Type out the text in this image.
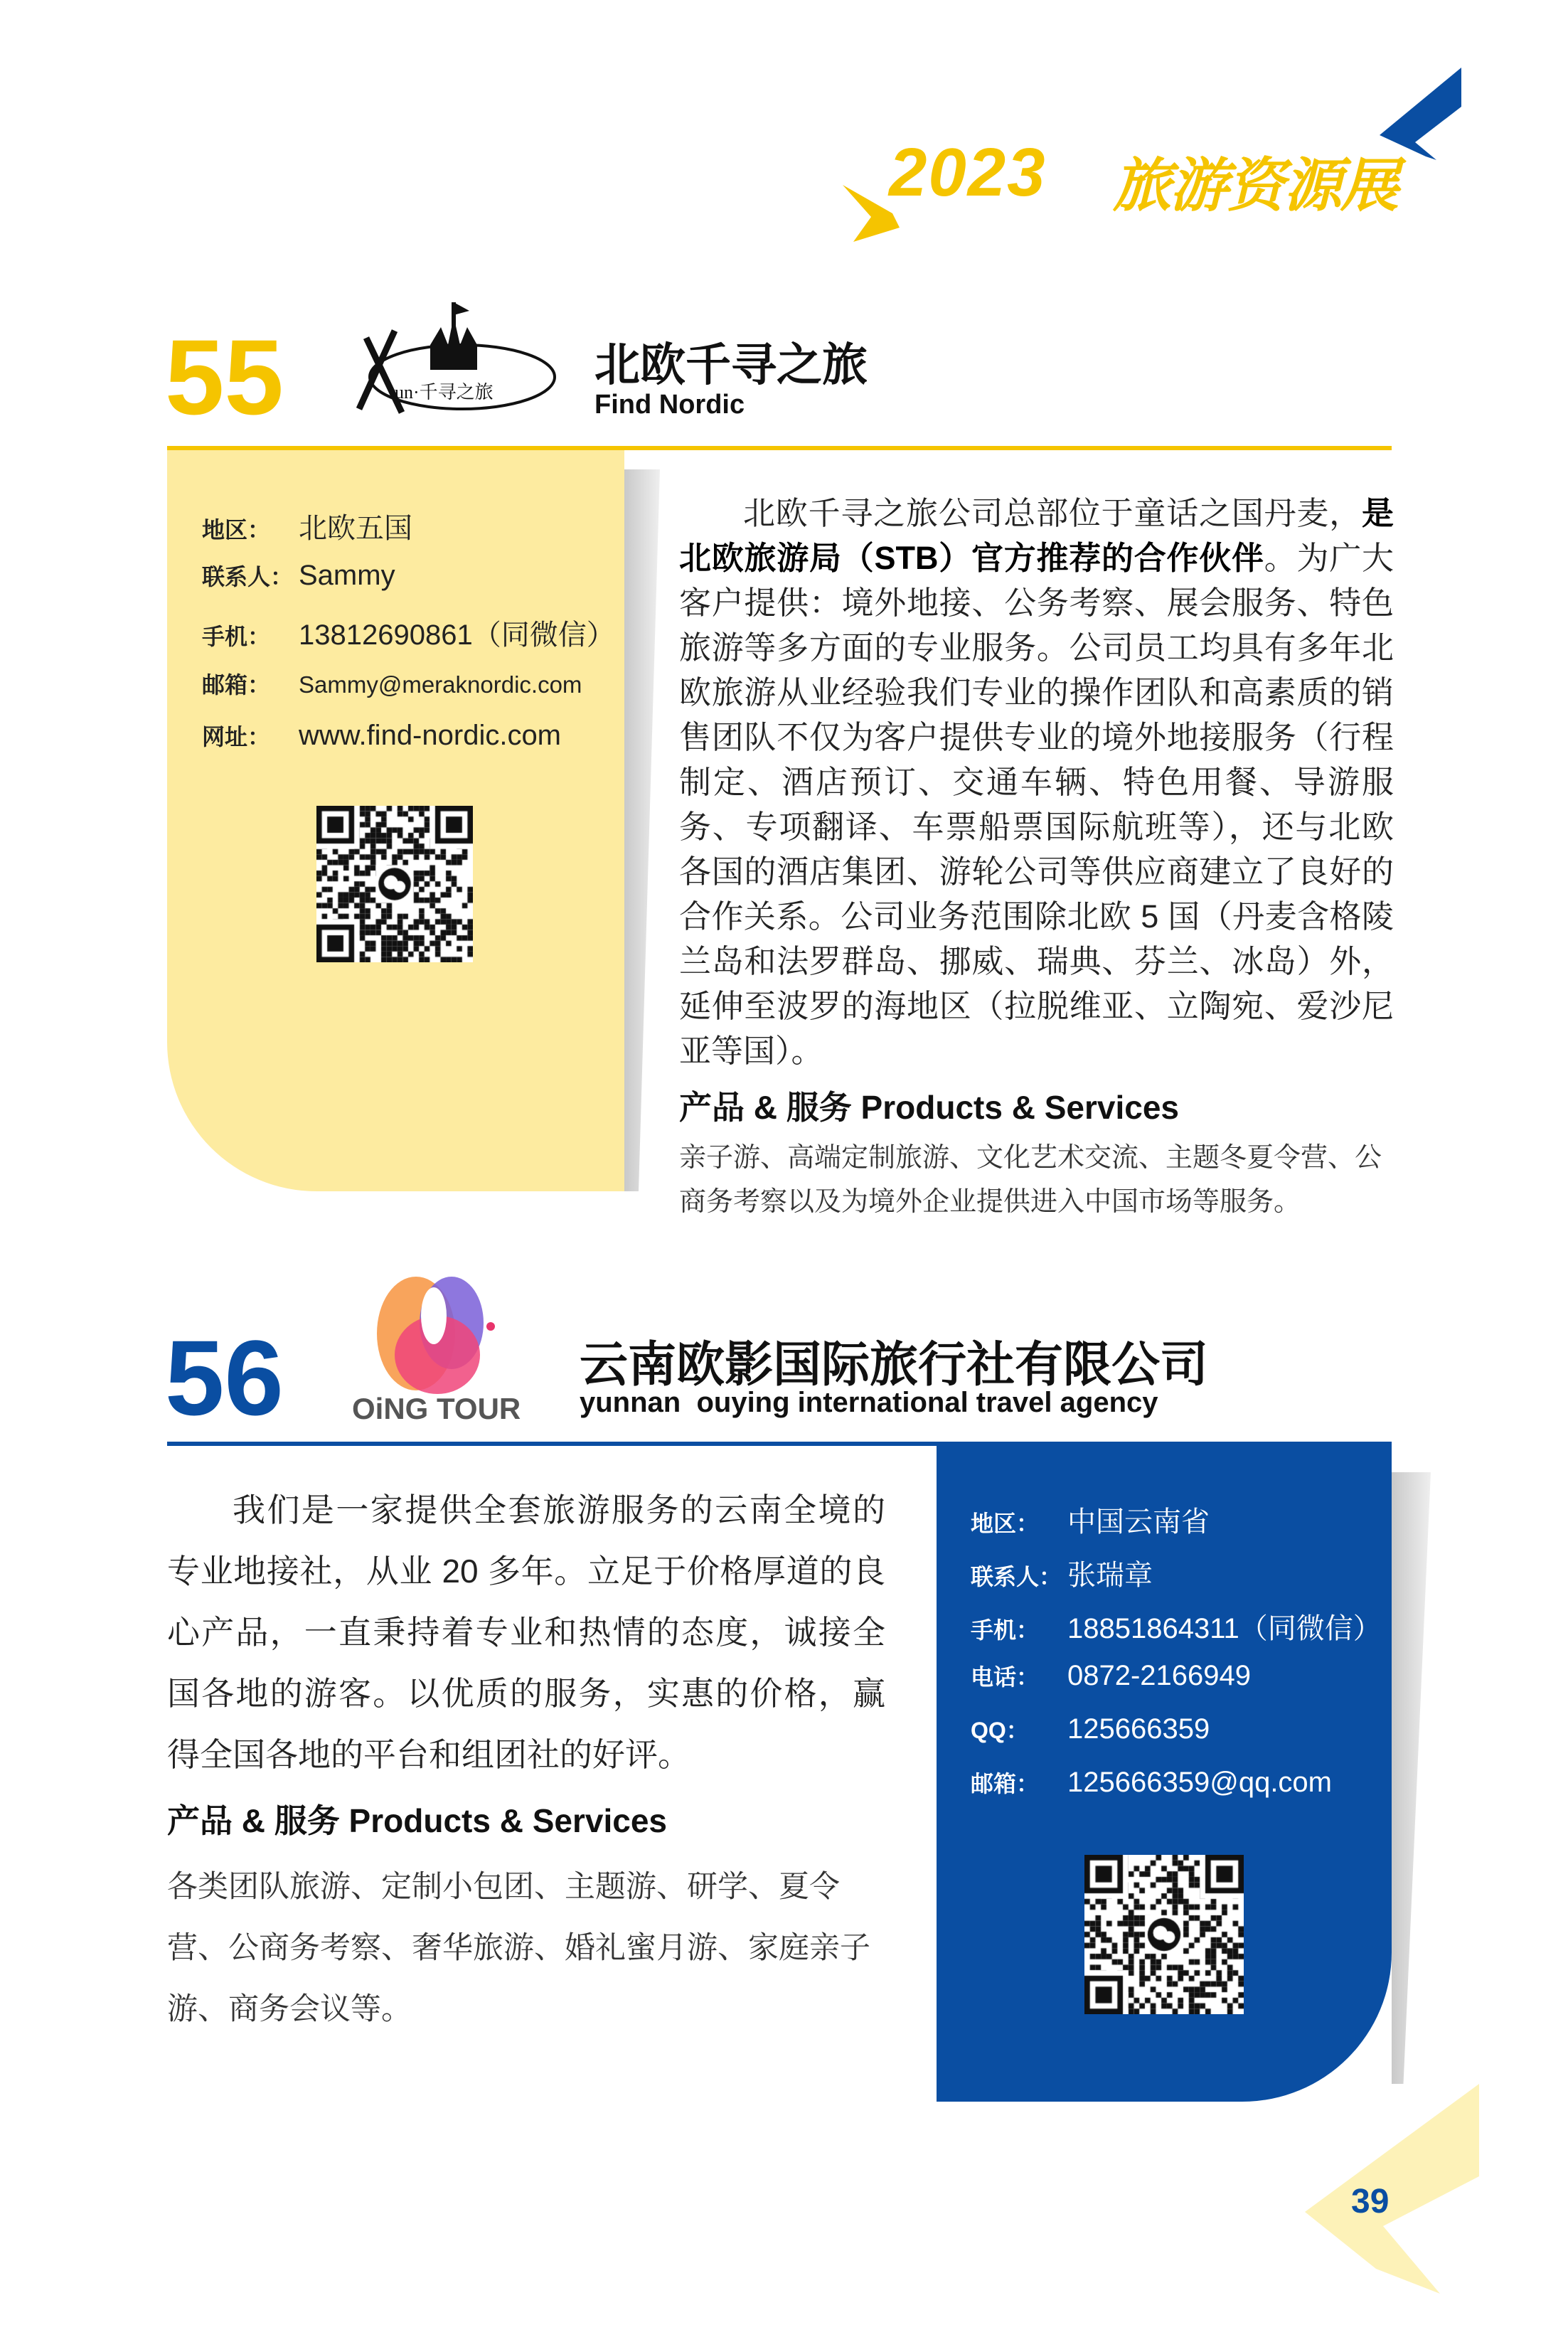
2023 旅游资源展
55	un·千寻之旅
北欧千寻之旅
Find Nordic
地区： 北欧五国
联系人： Sammy
手机： 13812690861（同微信）
邮箱：	Sammy@meraknordic.com
网址： www.find-nordic.com
北欧千寻之旅公司总部位于童话之国丹麦，是北欧旅游局（STB）官方推荐的合作伙伴。为广大客户提供：境外地接、公务考察、展会服务、特色旅游等多方面的专业服务。公司员工均具有多年北欧旅游从业经验我们专业的操作团队和高素质的销售团队不仅为客户提供专业的境外地接服务（行程制定、酒店预订、交通车辆、特色用餐、导游服务、专项翻译、车票船票国际航班等），还与北欧各国的酒店集团、游轮公司等供应商建立了良好的合作关系。公司业务范围除北欧 5 国（丹麦含格陵兰岛和法罗群岛、挪威、瑞典、芬兰、冰岛）外，延伸至波罗的海地区（拉脱维亚、立陶宛、爱沙尼亚等国）。
产品 & 服务 Products & Services
亲子游、高端定制旅游、文化艺术交流、主题冬夏令营、公商务考察以及为境外企业提供进入中国市场等服务。
56 OiNG TOUR
云南欧影国际旅行社有限公司
yunnan  ouying international travel agency
我们是一家提供全套旅游服务的云南全境的专业地接社，从业 20 多年。立足于价格厚道的良心产品，一直秉持着专业和热情的态度，诚接全国各地的游客。以优质的服务，实惠的价格，赢得全国各地的平台和组团社的好评。
产品 & 服务 Products & Services
各类团队旅游、定制小包团、主题游、研学、夏令营、公商务考察、奢华旅游、婚礼蜜月游、家庭亲子游、商务会议等。
地区： 中国云南省
联系人： 张瑞章
手机： 18851864311（同微信）
电话： 0872-2166949
QQ：	125666359
邮箱： 125666359@qq.com
39
